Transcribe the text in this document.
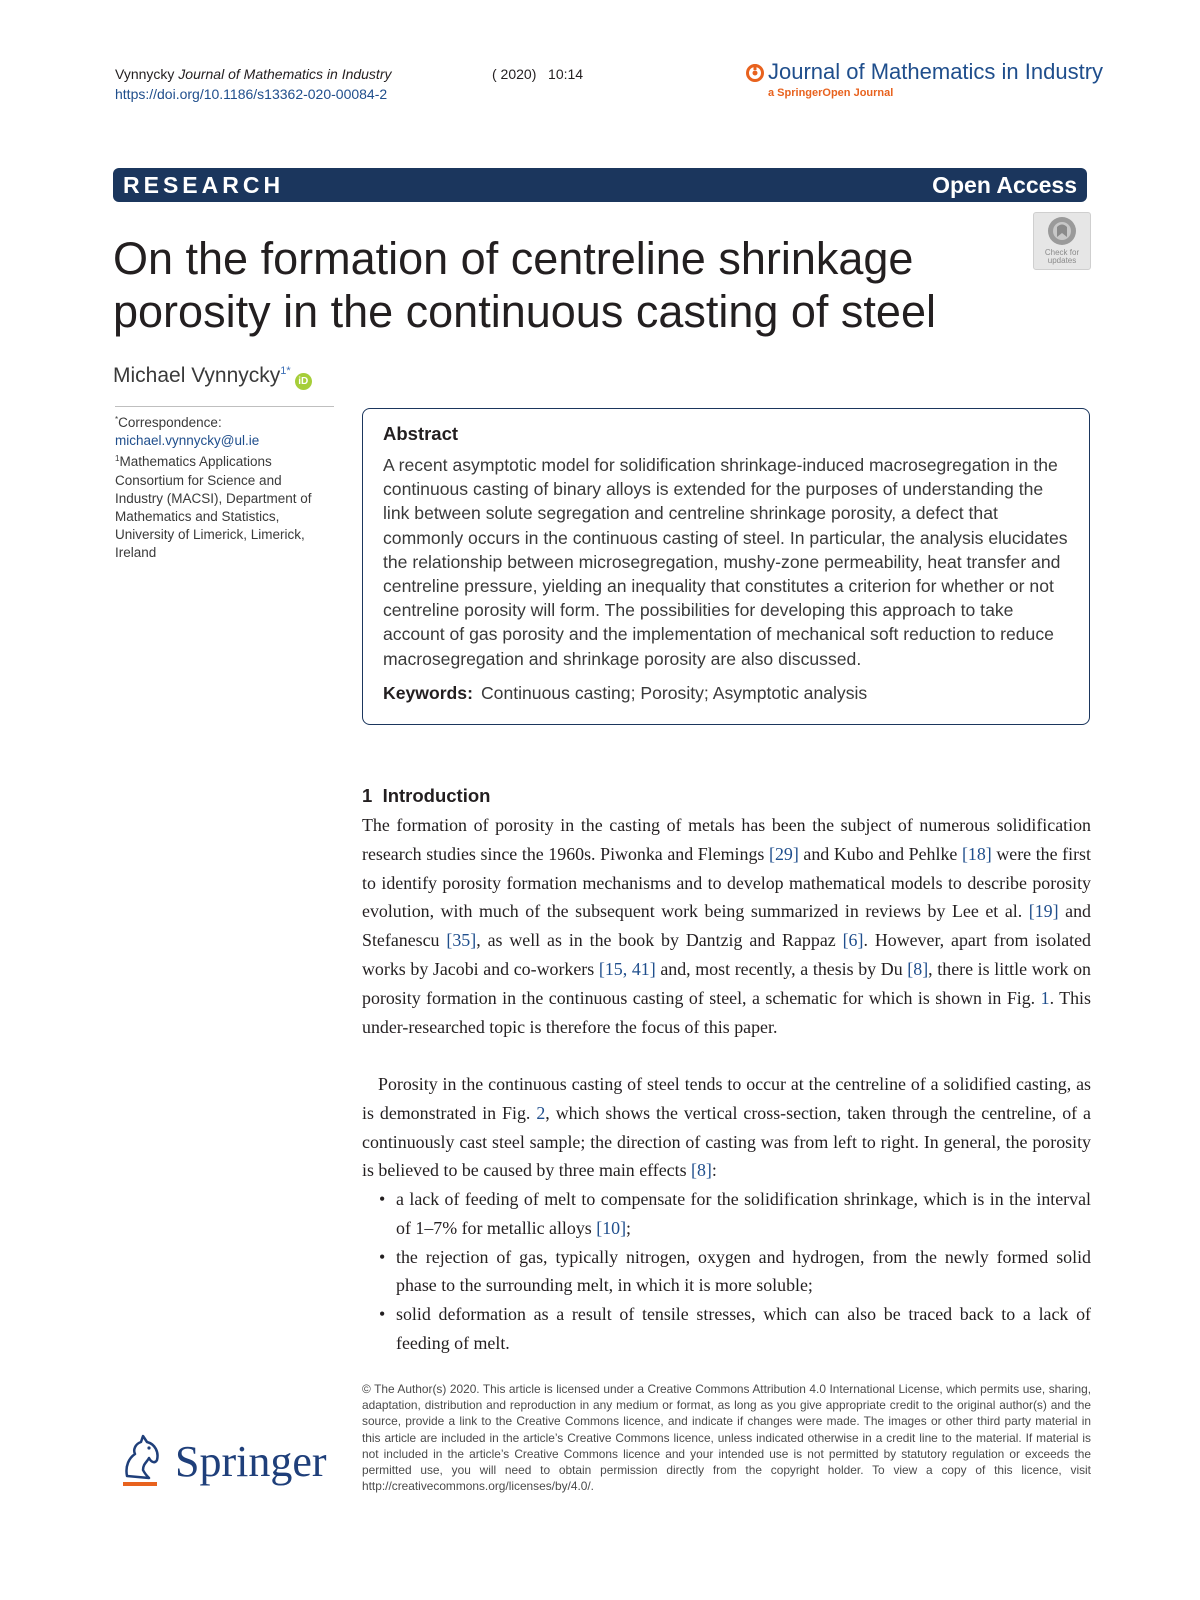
Vynnycky Journal of Mathematics in Industry
https://doi.org/10.1186/s13362-020-00084-2
( 2020)   10:14	Journal of Mathematics in Industry
a SpringerOpen Journal
RESEARCH	Open Access
Check for
updates
On the formation of centreline shrinkage
porosity in the continuous casting of steel
Michael Vynnycky$^{1*}$iD
*Correspondence:
michael.vynnycky@ul.ie
$^1$Mathematics Applications Consortium for Science and Industry (MACSI), Department of Mathematics and Statistics, University of Limerick, Limerick, Ireland
Abstract
A recent asymptotic model for solidification shrinkage-induced macrosegregation in the continuous casting of binary alloys is extended for the purposes of understanding the link between solute segregation and centreline shrinkage porosity, a defect that commonly occurs in the continuous casting of steel. In particular, the analysis elucidates the relationship between microsegregation, mushy-zone permeability, heat transfer and centreline pressure, yielding an inequality that constitutes a criterion for whether or not centreline porosity will form. The possibilities for developing this approach to take account of gas porosity and the implementation of mechanical soft reduction to reduce macrosegregation and shrinkage porosity are also discussed.
Keywords: Continuous casting; Porosity; Asymptotic analysis
1  Introduction
The formation of porosity in the casting of metals has been the subject of numerous solidification research studies since the 1960s. Piwonka and Flemings [29] and Kubo and Pehlke [18] were the first to identify porosity formation mechanisms and to develop mathematical models to describe porosity evolution, with much of the subsequent work being summarized in reviews by Lee et al. [19] and Stefanescu [35], as well as in the book by Dantzig and Rappaz [6]. However, apart from isolated works by Jacobi and co-workers [15, 41] and, most recently, a thesis by Du [8], there is little work on porosity formation in the continuous casting of steel, a schematic for which is shown in Fig. 1. This under-researched topic is therefore the focus of this paper.
Porosity in the continuous casting of steel tends to occur at the centreline of a solidified casting, as is demonstrated in Fig. 2, which shows the vertical cross-section, taken through the centreline, of a continuously cast steel sample; the direction of casting was from left to right. In general, the porosity is believed to be caused by three main effects [8]:
• a lack of feeding of melt to compensate for the solidification shrinkage, which is in the interval of 1–7% for metallic alloys [10];
• the rejection of gas, typically nitrogen, oxygen and hydrogen, from the newly formed solid phase to the surrounding melt, in which it is more soluble;
• solid deformation as a result of tensile stresses, which can also be traced back to a lack of feeding of melt.
© The Author(s) 2020. This article is licensed under a Creative Commons Attribution 4.0 International License, which permits use, sharing, adaptation, distribution and reproduction in any medium or format, as long as you give appropriate credit to the original author(s) and the source, provide a link to the Creative Commons licence, and indicate if changes were made. The images or other third party material in this article are included in the article’s Creative Commons licence, unless indicated otherwise in a credit line to the material. If material is not included in the article’s Creative Commons licence and your intended use is not permitted by statutory regulation or exceeds the permitted use, you will need to obtain permission directly from the copyright holder. To view a copy of this licence, visit http://creativecommons.org/licenses/by/4.0/.
Springer
